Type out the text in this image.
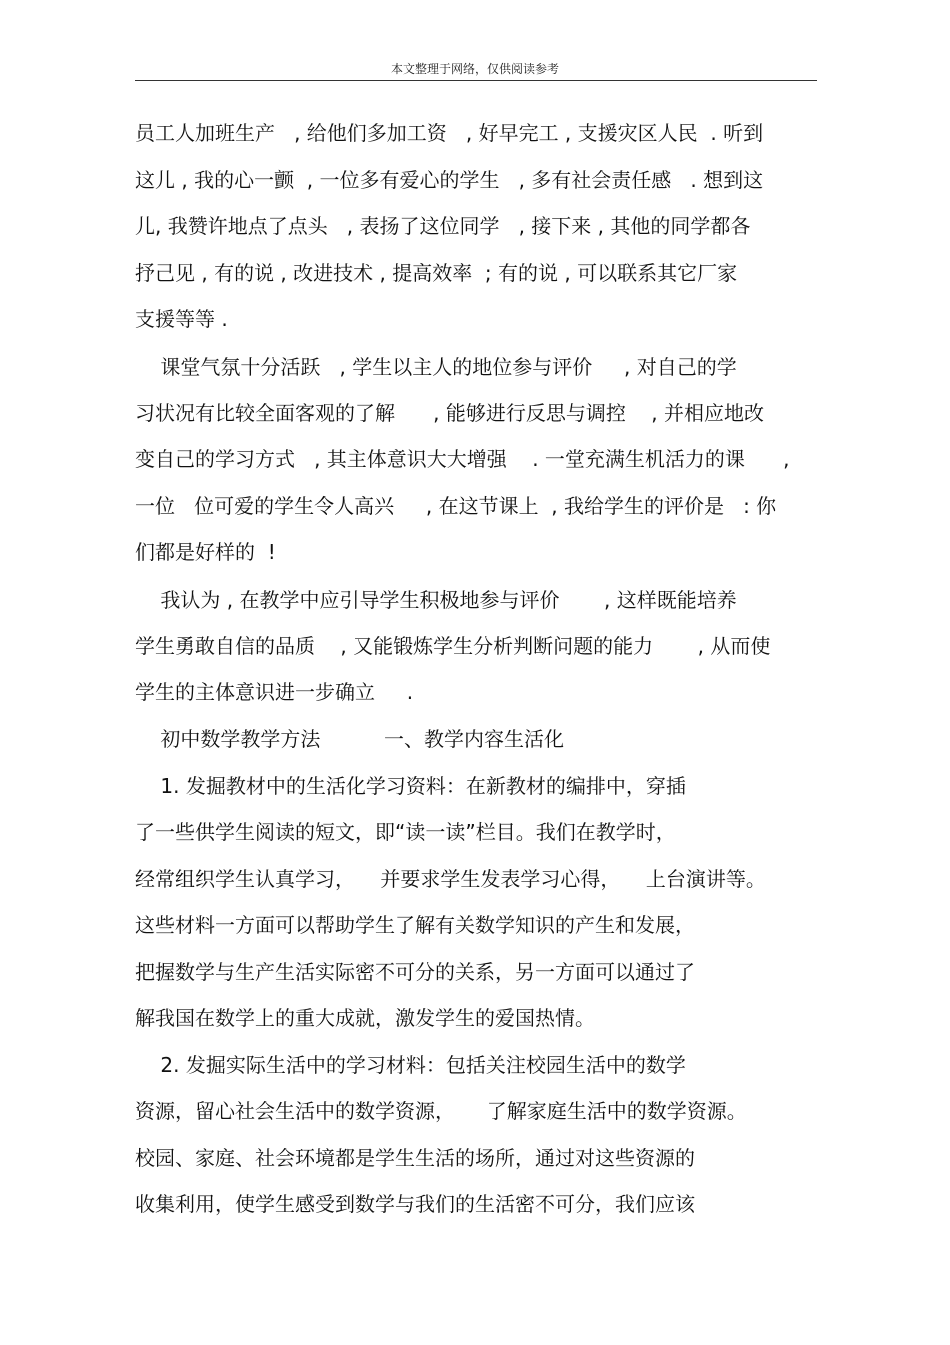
本文整理于网络，仅供阅读参考
员工人加班生产   , 给他们多加工资   , 好早完工 , 支援灾区人民  . 听到
这儿 , 我的心一颤  , 一位多有爱心的学生   , 多有社会责任感   . 想到这
儿, 我赞许地点了点头   , 表扬了这位同学   , 接下来 , 其他的同学都各
抒己见 , 有的说 , 改进技术 , 提高效率  ; 有的说 , 可以联系其它厂家
支援等等 .
课堂气氛十分活跃   , 学生以主人的地位参与评价     , 对自己的学
习状况有比较全面客观的了解      , 能够进行反思与调控    , 并相应地改
变自己的学习方式   , 其主体意识大大增强    . 一堂充满生机活力的课      ,
一位   位可爱的学生令人高兴     , 在这节课上  , 我给学生的评价是   : 你
们都是好样的  !
我认为 , 在教学中应引导学生积极地参与评价       , 这样既能培养
学生勇敢自信的品质    , 又能锻炼学生分析判断问题的能力       , 从而使
学生的主体意识进一步确立     .
初中数学教学方法          一、教学内容生活化
1. 发掘教材中的生活化学习资料：在新教材的编排中，穿插
了一些供学生阅读的短文，即“读一读”栏目。我们在教学时，
经常组织学生认真学习，    并要求学生发表学习心得，    上台演讲等。
这些材料一方面可以帮助学生了解有关数学知识的产生和发展，
把握数学与生产生活实际密不可分的关系，另一方面可以通过了
解我国在数学上的重大成就，激发学生的爱国热情。
2. 发掘实际生活中的学习材料：包括关注校园生活中的数学
资源，留心社会生活中的数学资源，     了解家庭生活中的数学资源。
校园、家庭、社会环境都是学生生活的场所，通过对这些资源的
收集利用，使学生感受到数学与我们的生活密不可分，我们应该
